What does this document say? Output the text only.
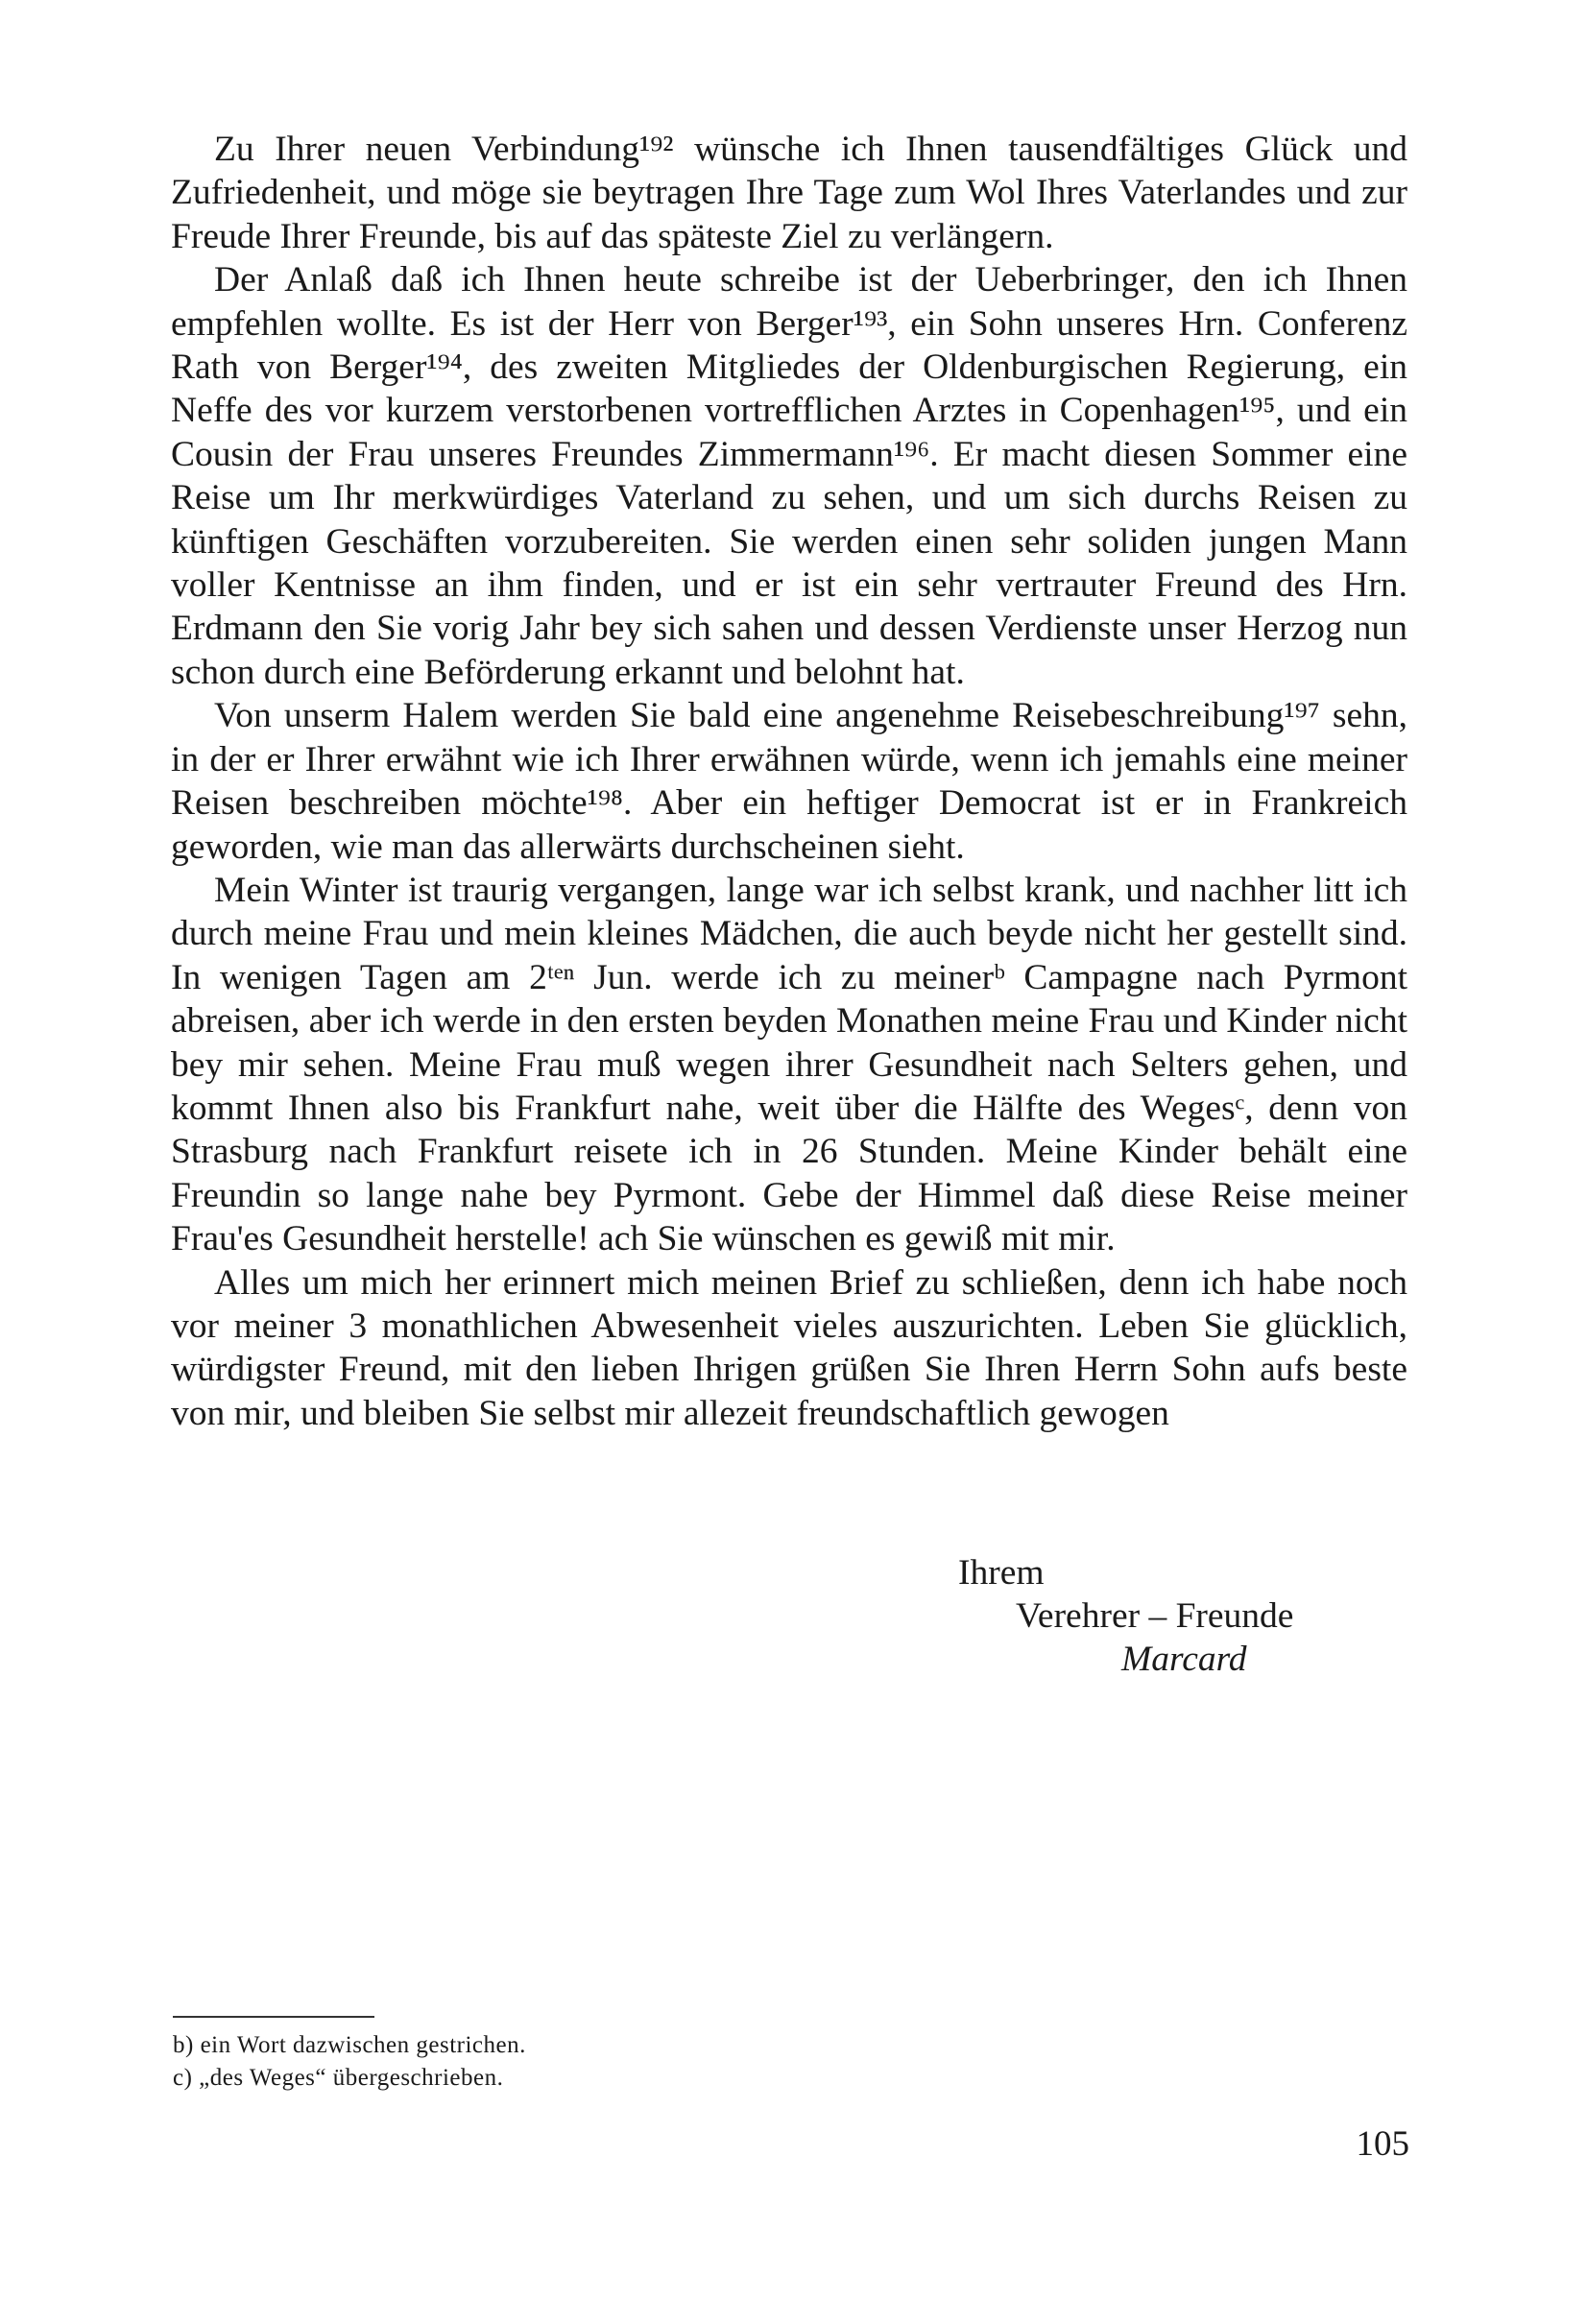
Zu Ihrer neuen Verbindung¹⁹² wünsche ich Ihnen tausendfältiges Glück und Zufriedenheit, und möge sie beytragen Ihre Tage zum Wol Ihres Vaterlandes und zur Freude Ihrer Freunde, bis auf das späteste Ziel zu verlängern.

Der Anlaß daß ich Ihnen heute schreibe ist der Ueberbringer, den ich Ihnen empfehlen wollte. Es ist der Herr von Berger¹⁹³, ein Sohn unseres Hrn. Conferenz Rath von Berger¹⁹⁴, des zweiten Mitgliedes der Oldenburgischen Regierung, ein Neffe des vor kurzem verstorbenen vortrefflichen Arztes in Copenhagen¹⁹⁵, und ein Cousin der Frau unseres Freundes Zimmermann¹⁹⁶. Er macht diesen Sommer eine Reise um Ihr merkwürdiges Vaterland zu sehen, und um sich durchs Reisen zu künftigen Geschäften vorzubereiten. Sie werden einen sehr soliden jungen Mann voller Kentnisse an ihm finden, und er ist ein sehr vertrauter Freund des Hrn. Erdmann den Sie vorig Jahr bey sich sahen und dessen Verdienste unser Herzog nun schon durch eine Beförderung erkannt und belohnt hat.

Von unserm Halem werden Sie bald eine angenehme Reisebeschreibung¹⁹⁷ sehn, in der er Ihrer erwähnt wie ich Ihrer erwähnen würde, wenn ich jemahls eine meiner Reisen beschreiben möchte¹⁹⁸. Aber ein heftiger Democrat ist er in Frankreich geworden, wie man das allerwärts durchscheinen sieht.

Mein Winter ist traurig vergangen, lange war ich selbst krank, und nachher litt ich durch meine Frau und mein kleines Mädchen, die auch beyde nicht her gestellt sind. In wenigen Tagen am 2ᵗᵉⁿ Jun. werde ich zu meinerᵇ Campagne nach Pyrmont abreisen, aber ich werde in den ersten beyden Monathen meine Frau und Kinder nicht bey mir sehen. Meine Frau muß wegen ihrer Gesundheit nach Selters gehen, und kommt Ihnen also bis Frankfurt nahe, weit über die Hälfte des Wegesᶜ, denn von Strasburg nach Frankfurt reisete ich in 26 Stunden. Meine Kinder behält eine Freundin so lange nahe bey Pyrmont. Gebe der Himmel daß diese Reise meiner Frau'es Gesundheit herstelle! ach Sie wünschen es gewiß mit mir.

Alles um mich her erinnert mich meinen Brief zu schließen, denn ich habe noch vor meiner 3 monathlichen Abwesenheit vieles auszurichten. Leben Sie glücklich, würdigster Freund, mit den lieben Ihrigen grüßen Sie Ihren Herrn Sohn aufs beste von mir, und bleiben Sie selbst mir allezeit freundschaftlich gewogen

Ihrem
Verehrer – Freunde
Marcard
b) ein Wort dazwischen gestrichen.
c) „des Weges“ übergeschrieben.
105
